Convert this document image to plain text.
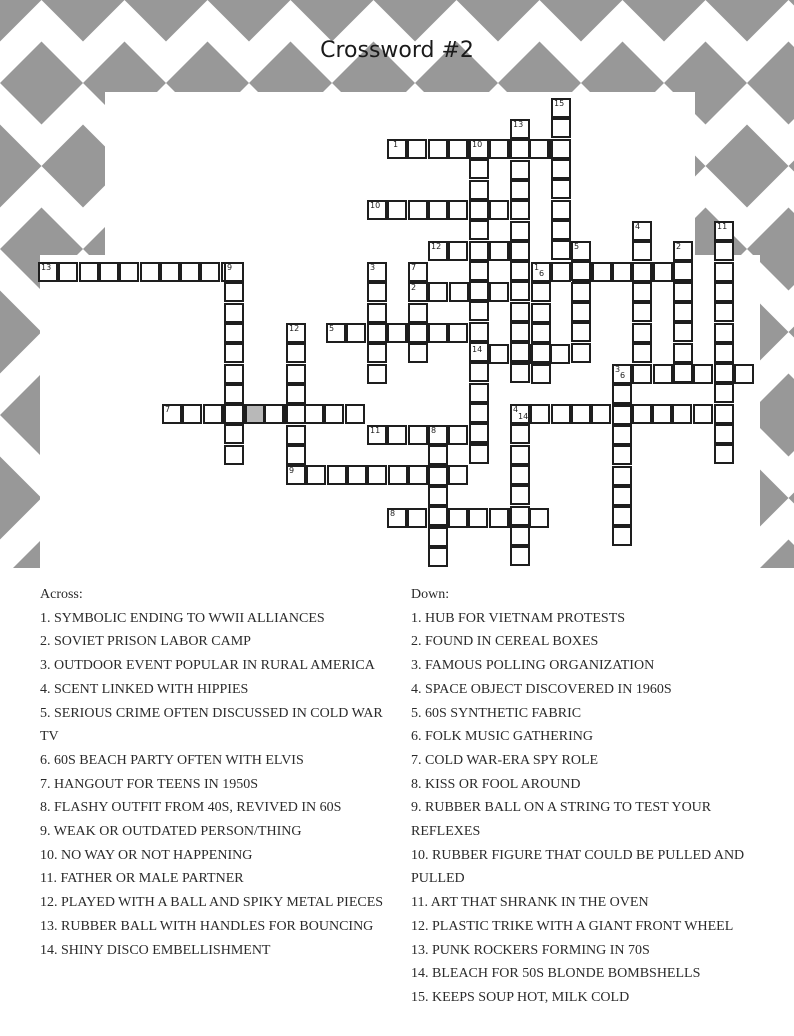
Crossword #2
15
13
1	10
10
4	11
12	5	2
13	9	3	7	1
6
2
12	5
14
3
6
7	4
14
11	8
9
8
Across:

1. SYMBOLIC ENDING TO WWII ALLIANCES

2. SOVIET PRISON LABOR CAMP

3. OUTDOOR EVENT POPULAR IN RURAL AMERICA

4. SCENT LINKED WITH HIPPIES

5. SERIOUS CRIME OFTEN DISCUSSED IN COLD WAR TV

6. 60S BEACH PARTY OFTEN WITH ELVIS

7. HANGOUT FOR TEENS IN 1950S

8. FLASHY OUTFIT FROM 40S, REVIVED IN 60S

9. WEAK OR OUTDATED PERSON/THING

10. NO WAY OR NOT HAPPENING

11. FATHER OR MALE PARTNER

12. PLAYED WITH A BALL AND SPIKY METAL PIECES

13. RUBBER BALL WITH HANDLES FOR BOUNCING

14. SHINY DISCO EMBELLISHMENT

Down:

1. HUB FOR VIETNAM PROTESTS

2. FOUND IN CEREAL BOXES

3. FAMOUS POLLING ORGANIZATION

4. SPACE OBJECT DISCOVERED IN 1960S

5. 60S SYNTHETIC FABRIC

6. FOLK MUSIC GATHERING

7. COLD WAR-ERA SPY ROLE

8. KISS OR FOOL AROUND

9. RUBBER BALL ON A STRING TO TEST YOUR REFLEXES

10. RUBBER FIGURE THAT COULD BE PULLED AND PULLED

11. ART THAT SHRANK IN THE OVEN

12. PLASTIC TRIKE WITH A GIANT FRONT WHEEL

13. PUNK ROCKERS FORMING IN 70S

14. BLEACH FOR 50S BLONDE BOMBSHELLS

15. KEEPS SOUP HOT, MILK COLD
